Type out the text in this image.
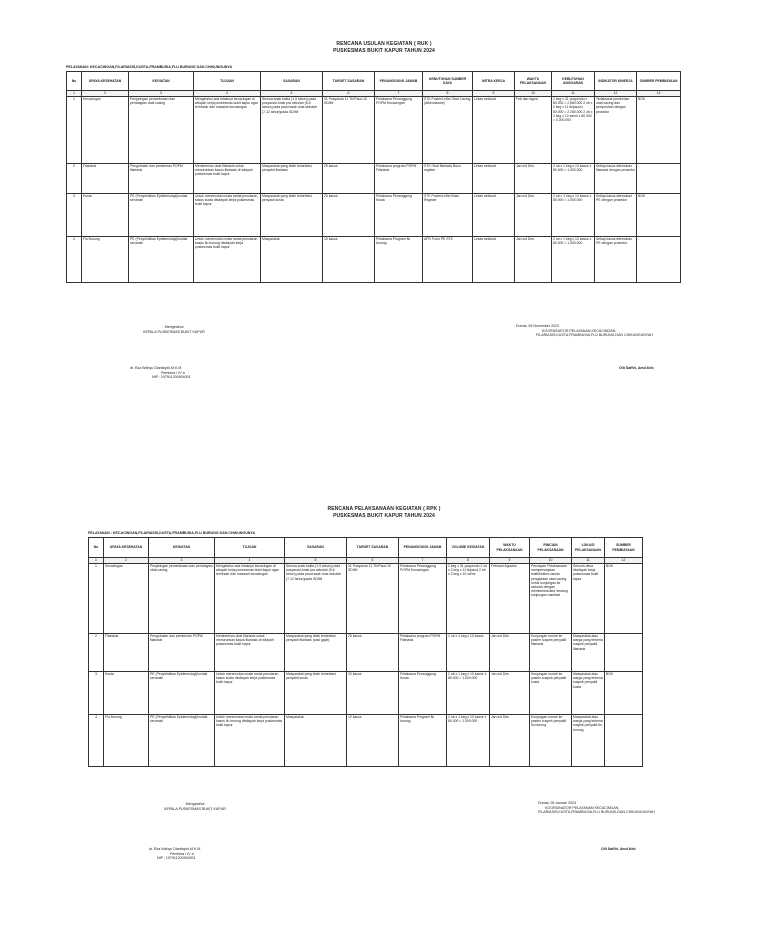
RENCANA USULAN KEGIATAN ( RUK )
PUSKESMAS BUKIT KAPUR TAHUN 2024
PELAYANAN: KECACINGAN,FILARIASIS,KUSTA,FRAMBUSIA,FLU BURUNG DAN CHIKUNGUNYA
No	UPAYA KESEHATAN	KEGIATAN	TUJUAN	SASARAN	TARGET SASARAN	PENANGGUNG JAWAB	KEBUTUHAN SUMBER DAYA	MITRA KERJA	WAKTU PELAKSANAAN	KEBUTUHAN ANGGARAN	INDIKATOR KINERJA	SUMBER PEMBIAYAAN
1	2	3	4	5	6	7	8	9	10	11	12	13
1	Kecacingan	Penjaringan pemeriksaan dan pembagian obat cacing	Mengetahui ada tidaknya kecacingan di wilayah kerja puskesmas bukit kapur agar terhindar dari masalah kecacingan	Semua anak balita (1-5 tahun) pada posyandu Anak pra sekolah (5-6 tahun) pada paud asak Usia sekolah (7-12 tahun)pada SD/MI	31 Posyandu 11 TK/Paud 10 SD/MI	Pelaksana Penanggung POPM Kecacingan	STK Poster/Leflet Obat Cacing (Albendazole)	Lintas sektoral	Feb dan Agust	2 keg x 31 pospendu x 80.000 = 2.880.000 2 ob x 2 keg x 11 tk/paud x 80.000 = 2.280.000 2 ob x 2 keg x 10 sd/mi x 80.000 = 4.000.000	Terlaksana pemberian obat cacing dan penyuluhan dengan prosedur	BOK
2	Filariasis	Pengobatan dan pemberian POPM filariasis	Memberikan obat filariasis untuk menurunkan kasus filariasis di wilayah puskesmas bukit kapur	Masyarakat yang telah terdeteksi penyakit filariasis	25 kasus	Pelaksana program POPM Filariasis	STK Obat filariasis Buku register	Lintas sektoral	Jan s/d Des	2 ob x 1 keg x 10 kasus x 80.000 = 1.000.000	Setiap kasus ditemukan filariasis dengan prosedur	-
3	Kusta	PE (Penyelidikan Epidemiologi)kontak serumah	Untuk menemukan mata rantai penularan kasus kusta diwilayah kerja puskesmas bukit kapur	Masyarakat yang telah terdeteksi penyakit kusta	20 kasus	Pelaksana Penanggung Kusta	STK Poster/Leflet Buku Register	Lintas sektoral	Jan s/d Des	2 ob x 1 keg x 10 kasus x 80.000 = 1.000.000	Setiap kasus ditemukan PE dengan prosedur	BOK
4	Flu Burung	PE (Penyelidikan Epidemiologi)kontak serumah	Untuk menemukan mata rantai penularan kasus flu burung diwilayah kerja puskesmas bukit kapur	Masyarakat	10 kasus	Pelaksana Program flu burung	APD Form PE STK	Lintas sektoral	Jan s/d Des	2 ob x 1 keg x 10 kasus x 80.000 = 1.000.000	Setiap kasus ditemukan PE dengan prosedur	-
Mengetahui
KEPALA PUSKESMAS BUKIT KAPUR
dr. Eka Wahyu Diantiopik,M.K.M
Pembina / IV a
NIP : 197911200904001
Dumai, 05 November 2023
KOORDINATOR PELAYANAN KECACINGAN,
FILARIASIS,KUSTA,FRAMBUSIA,FLU BURUNG,DAN CHIKUNGUNYAH
Olii Saffiri, Amd.Keb
RENCANA PELAKSANAAN KEGIATAN ( RPK )
PUSKESMAS BUKIT KAPUR TAHUN 2024
PELAYANAN : KECACINGAN,FILARIASIS,KUSTA,FRAMBUSIA,FLU BURUNG DAN CHIKUNGUNYA
No	UPAYA KESEHATAN	KEGIATAN	TUJUAN	SASARAN	TARGET SASARAN	PENANGGUNG JAWAB	VOLUME KEGIATAN	WAKTU PELAKSANAAN	RINCIAN PELAKSANAAN	LOKASI PELAKSANAAN	SUMBER PEMBIAYAAN
1	2	3	4	5	6	7	8	9	10	11	12
1	Kecacingan	Penjaringan pemeriksaan dan pembagian obat cacing	Mengetahui ada tidaknya kecacingan di wilayah kerja puskesmas bukit kapur agar terhindar dari masalah kecacingan	Semua anak balita (1-5 tahun) pada posyandu Anak pra sekolah (5-6 tahun) pada paud asak Usia sekolah (7-12 tahun)pada SD/MI	31 Posyandu 11 TK/Paud 10 SD/MI	Pelaksana Penanggung POPM Kecacingan	2 keg x 31 pospendu 2 ob x 2 keg x 11 tk/paud 2 ob x 2 keg x 10 sd/mi	Februari Agustus	Persiapan Pelaksanaan mempersiapkan leaflet/stiker,usulan pengadaan obat cacing untuk kunjungan ke sekolah dengan membentuk/atur tentang kunjungan manfaat	Seluruh desa diwilayah kerja puskesmas bukit kapur	BOK
2	Filariasis	Pengobatan dan pemberian POPM filariasis	Memberikan obat filariasis untuk menurunkan kasus filariasis di wilayah puskesmas bukit kapur	Masyarakat yang telah terdeteksi penyakit filariasis (sasi gapit)	25 kasus	Pelaksana program POPM Filariasis	2 ob x 1 keg x 10 kasus	Jan s/d Des	Kunjungan rumah ke pasien suspek penyakit filariasis	Masyarakat atau warga yang terkena suspek penyakit filariasis	-
3	Kusta	PE (Penyelidikan Epidemiologi)kontak serumah	Untuk menemukan mata rantai penularan kasus kusta diwilayah kerja puskesmas bukit kapur	Masyarakat yang telah terdeteksi penyakit kusta	20 kasus	Pelaksana Penanggung Kusta	2 ob x 1 keg x 10 kasus x 80.000 = 1.000.000	Jan s/d Des	Kunjungan rumah ke pasien suspek penyakit kusta	Masyarakat atau warga yang terkena suspek penyakit kusta	BOK
4	Flu Burung	PE (Penyelidikan Epidemiologi)kontak serumah	Untuk menemukan mata rantai penularan kasus flu burung diwilayah kerja puskesmas bukit kapur	Masyarakat	10 kasus	Pelaksana Program flu burung	2 ob x 1 keg x 10 kasus x 80.000 = 1.000.000	Jan s/d Des	Kunjungan rumah ke pasien suspek penyakit flu burung	Masyarakat atau warga yang terkena suspek penyakit flu burung	-
Mengetahui
KEPALA PUSKESMAS BUKIT KAPUR
dr. Eka Wahyu Diantiopik,M.K.M
Pembina / IV a
NIP : 197911200904001
Dumai, 05 Januari 2024
KOORDINATOR PELAYANAN KECACINGAN,
FILARIASIS,KUSTA,FRAMBUSIA,FLU BURUNG,DAN CHIKUNGUNYAH
Olii Saffiri, Amd.Keb
